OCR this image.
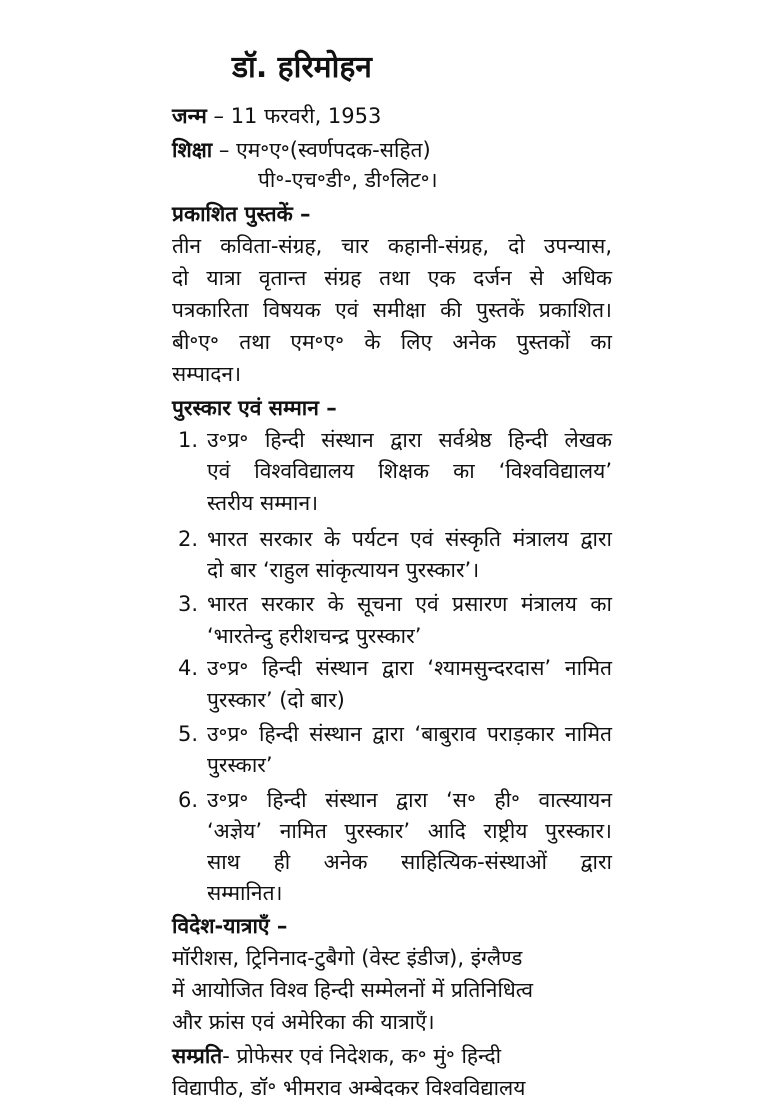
डॉ. हरिमोहन
जन्म – 11 फरवरी, 1953
शिक्षा – एम॰ए॰(स्वर्णपदक-सहित)
पी॰-एच॰डी॰, डी॰लिट॰।
प्रकाशित पुस्तकें –
तीन कविता-संग्रह, चार कहानी-संग्रह, दो उपन्यास,
दो यात्रा वृतान्त संग्रह तथा एक दर्जन से अधिक
पत्रकारिता विषयक एवं समीक्षा की पुस्तकें प्रकाशित।
बी॰ए॰ तथा एम॰ए॰ के लिए अनेक पुस्तकों का
सम्पादन।
पुरस्कार एवं सम्मान –
1. उ॰प्र॰ हिन्दी संस्थान द्वारा सर्वश्रेष्ठ हिन्दी लेखक
एवं विश्वविद्यालय शिक्षक का ‘विश्वविद्यालय’
स्तरीय सम्मान।
2. भारत सरकार के पर्यटन एवं संस्कृति मंत्रालय द्वारा
दो बार ‘राहुल सांकृत्यायन पुरस्कार’।
3. भारत सरकार के सूचना एवं प्रसारण मंत्रालय का
‘भारतेन्दु हरीशचन्द्र पुरस्कार’
4. उ॰प्र॰ हिन्दी संस्थान द्वारा ‘श्यामसुन्दरदास’ नामित
पुरस्कार’ (दो बार)
5. उ॰प्र॰ हिन्दी संस्थान द्वारा ‘बाबुराव पराड़कार नामित
पुरस्कार’
6. उ॰प्र॰ हिन्दी संस्थान द्वारा ‘स॰ ही॰ वात्स्यायन
‘अज्ञेय’ नामित पुरस्कार’ आदि राष्ट्रीय पुरस्कार।
साथ ही अनेक साहित्यिक-संस्थाओं द्वारा
सम्मानित।
विदेश-यात्राएँ –
मॉरीशस, ट्रिनिनाद-टुबैगो (वेस्ट इंडीज), इंग्लैण्ड
में आयोजित विश्व हिन्दी सम्मेलनों में प्रतिनिधित्व
और फ्रांस एवं अमेरिका की यात्राएँ।
सम्प्रति- प्रोफेसर एवं निदेशक, क॰ मुं॰ हिन्दी
विद्यापीठ, डॉ॰ भीमराव अम्बेदकर विश्वविद्यालय
